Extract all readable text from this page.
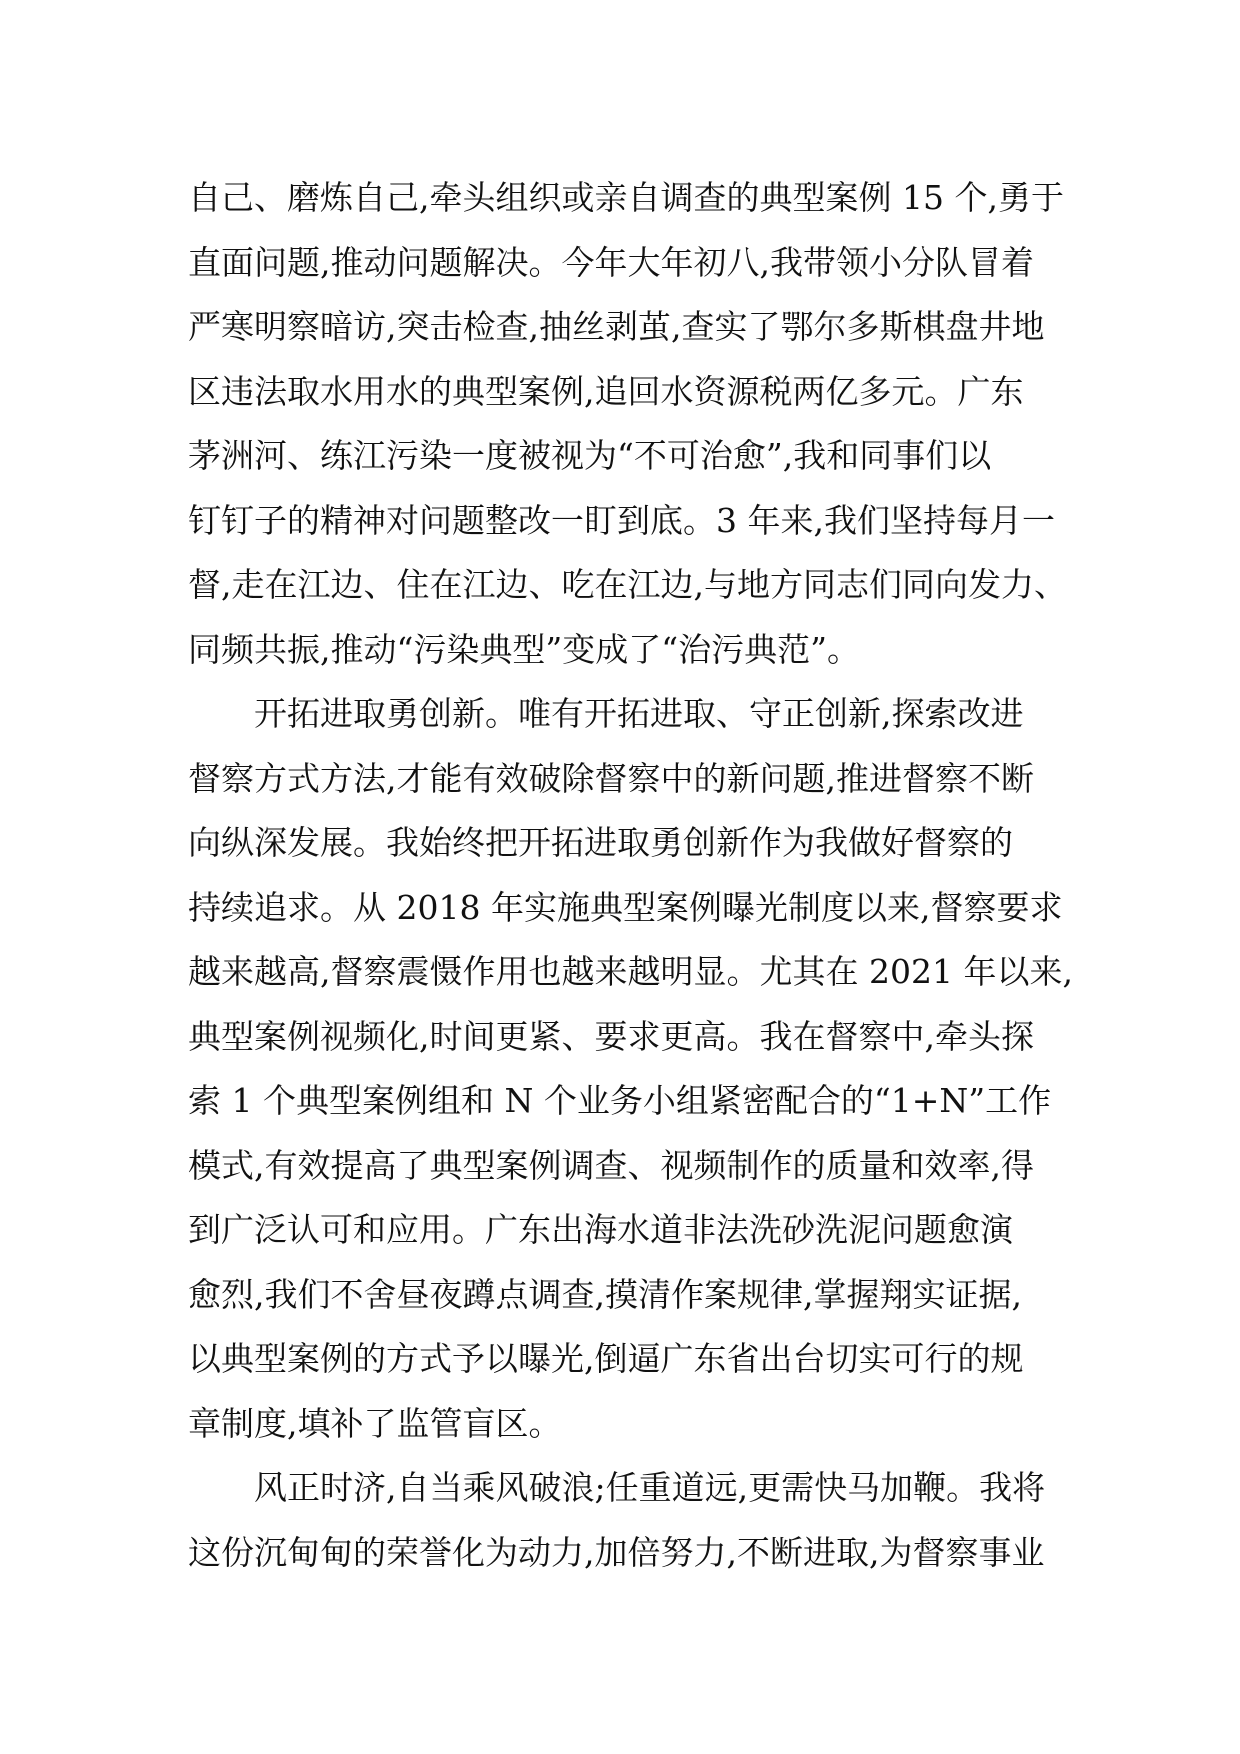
自己、磨炼自己,牵头组织或亲自调查的典型案例 15 个,勇于
直面问题,推动问题解决。今年大年初八,我带领小分队冒着
严寒明察暗访,突击检查,抽丝剥茧,查实了鄂尔多斯棋盘井地
区违法取水用水的典型案例,追回水资源税两亿多元。广东
茅洲河、练江污染一度被视为“不可治愈”,我和同事们以
钉钉子的精神对问题整改一盯到底。3 年来,我们坚持每月一
督,走在江边、住在江边、吃在江边,与地方同志们同向发力、
同频共振,推动“污染典型”变成了“治污典范”。
　　开拓进取勇创新。唯有开拓进取、守正创新,探索改进
督察方式方法,才能有效破除督察中的新问题,推进督察不断
向纵深发展。我始终把开拓进取勇创新作为我做好督察的
持续追求。从 2018 年实施典型案例曝光制度以来,督察要求
越来越高,督察震慑作用也越来越明显。尤其在 2021 年以来,
典型案例视频化,时间更紧、要求更高。我在督察中,牵头探
索 1 个典型案例组和 N 个业务小组紧密配合的“1+N”工作
模式,有效提高了典型案例调查、视频制作的质量和效率,得
到广泛认可和应用。广东出海水道非法洗砂洗泥问题愈演
愈烈,我们不舍昼夜蹲点调查,摸清作案规律,掌握翔实证据,
以典型案例的方式予以曝光,倒逼广东省出台切实可行的规
章制度,填补了监管盲区。
　　风正时济,自当乘风破浪;任重道远,更需快马加鞭。我将
这份沉甸甸的荣誉化为动力,加倍努力,不断进取,为督察事业
